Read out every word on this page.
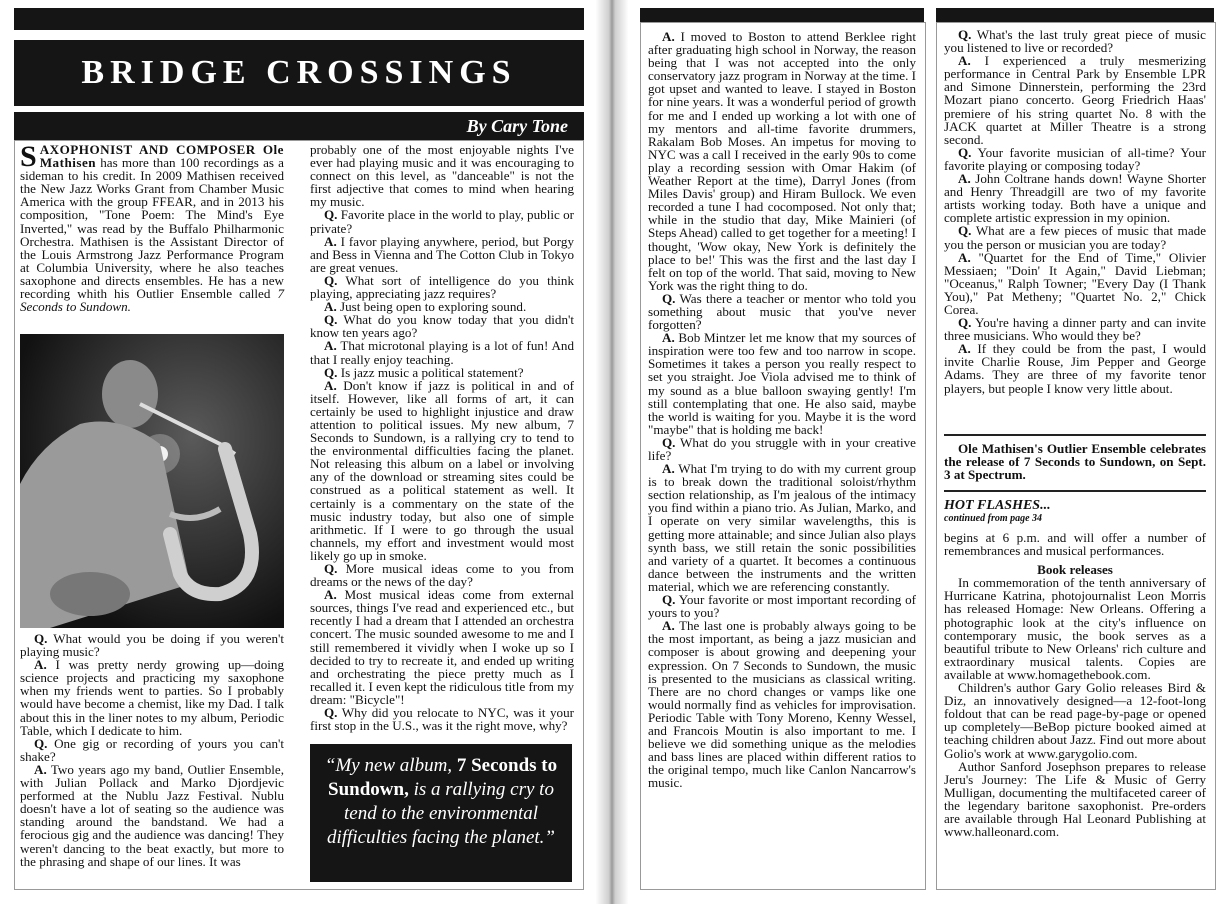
BRIDGE CROSSINGS
By Cary Tone

SAXOPHONIST AND COMPOSER Ole Mathisen has more than 100 recordings as a sideman to his credit. In 2009 Mathisen received the New Jazz Works Grant from Chamber Music America with the group FFEAR, and in 2013 his composition, "Tone Poem: The Mind's Eye Inverted," was read by the Buffalo Philharmonic Orchestra. Mathisen is the Assistant Director of the Louis Armstrong Jazz Performance Program at Columbia University, where he also teaches saxophone and directs ensembles. He has a new recording whith his Outlier Ensemble called 7 Seconds to Sundown.

Q. What would you be doing if you weren't playing music?

A. I was pretty nerdy growing up—doing science projects and practicing my saxophone when my friends went to parties. So I probably would have become a chemist, like my Dad. I talk about this in the liner notes to my album, Periodic Table, which I dedicate to him.

Q. One gig or recording of yours you can't shake?

A. Two years ago my band, Outlier Ensemble, with Julian Pollack and Marko Djordjevic performed at the Nublu Jazz Festival. Nublu doesn't have a lot of seating so the audience was standing around the bandstand. We had a ferocious gig and the audience was dancing! They weren't dancing to the beat exactly, but more to the phrasing and shape of our lines. It was

probably one of the most enjoyable nights I've ever had playing music and it was encouraging to connect on this level, as "danceable" is not the first adjective that comes to mind when hearing my music.

Q. Favorite place in the world to play, public or private?

A. I favor playing anywhere, period, but Porgy and Bess in Vienna and The Cotton Club in Tokyo are great venues.

Q. What sort of intelligence do you think playing, appreciating jazz requires?

A. Just being open to exploring sound.

Q. What do you know today that you didn't know ten years ago?

A. That microtonal playing is a lot of fun! And that I really enjoy teaching.

Q. Is jazz music a political statement?

A. Don't know if jazz is political in and of itself. However, like all forms of art, it can certainly be used to highlight injustice and draw attention to political issues. My new album, 7 Seconds to Sundown, is a rallying cry to tend to the environmental difficulties facing the planet. Not releasing this album on a label or involving any of the download or streaming sites could be construed as a political statement as well. It certainly is a commentary on the state of the music industry today, but also one of simple arithmetic. If I were to go through the usual channels, my effort and investment would most likely go up in smoke.

Q. More musical ideas come to you from dreams or the news of the day?

A. Most musical ideas come from external sources, things I've read and experienced etc., but recently I had a dream that I attended an orchestra concert. The music sounded awesome to me and I still remembered it vividly when I woke up so I decided to try to recreate it, and ended up writing and orchestrating the piece pretty much as I recalled it. I even kept the ridiculous title from my dream: "Bicycle"!

Q. Why did you relocate to NYC, was it your first stop in the U.S., was it the right move, why?

“My new album, 7 Seconds to Sundown, is a rallying cry to tend to the environmental difficulties facing the planet.”

A. I moved to Boston to attend Berklee right after graduating high school in Norway, the reason being that I was not accepted into the only conservatory jazz program in Norway at the time. I got upset and wanted to leave. I stayed in Boston for nine years. It was a wonderful period of growth for me and I ended up working a lot with one of my mentors and all-time favorite drummers, Rakalam Bob Moses. An impetus for moving to NYC was a call I received in the early 90s to come play a recording session with Omar Hakim (of Weather Report at the time), Darryl Jones (from Miles Davis' group) and Hiram Bullock. We even recorded a tune I had cocomposed. Not only that; while in the studio that day, Mike Mainieri (of Steps Ahead) called to get together for a meeting! I thought, 'Wow okay, New York is definitely the place to be!' This was the first and the last day I felt on top of the world. That said, moving to New York was the right thing to do.

Q. Was there a teacher or mentor who told you something about music that you've never forgotten?

A. Bob Mintzer let me know that my sources of inspiration were too few and too narrow in scope. Sometimes it takes a person you really respect to set you straight. Joe Viola advised me to think of my sound as a blue balloon swaying gently! I'm still contemplating that one. He also said, maybe the world is waiting for you. Maybe it is the word "maybe" that is holding me back!

Q. What do you struggle with in your creative life?

A. What I'm trying to do with my current group is to break down the traditional soloist/rhythm section relationship, as I'm jealous of the intimacy you find within a piano trio. As Julian, Marko, and I operate on very similar wavelengths, this is getting more attainable; and since Julian also plays synth bass, we still retain the sonic possibilities and variety of a quartet. It becomes a continuous dance between the instruments and the written material, which we are referencing constantly.

Q. Your favorite or most important recording of yours to you?

A. The last one is probably always going to be the most important, as being a jazz musician and composer is about growing and deepening your expression. On 7 Seconds to Sundown, the music is presented to the musicians as classical writing. There are no chord changes or vamps like one would normally find as vehicles for improvisation. Periodic Table with Tony Moreno, Kenny Wessel, and Francois Moutin is also important to me. I believe we did something unique as the melodies and bass lines are placed within different ratios to the original tempo, much like Canlon Nancarrow's music.

Q. What's the last truly great piece of music you listened to live or recorded?

A. I experienced a truly mesmerizing performance in Central Park by Ensemble LPR and Simone Dinnerstein, performing the 23rd Mozart piano concerto. Georg Friedrich Haas' premiere of his string quartet No. 8 with the JACK quartet at Miller Theatre is a strong second.

Q. Your favorite musician of all-time? Your favorite playing or composing today?

A. John Coltrane hands down! Wayne Shorter and Henry Threadgill are two of my favorite artists working today. Both have a unique and complete artistic expression in my opinion.

Q. What are a few pieces of music that made you the person or musician you are today?

A. "Quartet for the End of Time," Olivier Messiaen; "Doin' It Again," David Liebman; "Oceanus," Ralph Towner; "Every Day (I Thank You)," Pat Metheny; "Quartet No. 2," Chick Corea.

Q. You're having a dinner party and can invite three musicians. Who would they be?

A. If they could be from the past, I would invite Charlie Rouse, Jim Pepper and George Adams. They are three of my favorite tenor players, but people I know very little about.

Ole Mathisen's Outlier Ensemble celebrates the release of 7 Seconds to Sundown, on Sept. 3 at Spectrum.

HOT FLASHES...
continued from page 34

begins at 6 p.m. and will offer a number of remembrances and musical performances.

Book releases

In commemoration of the tenth anniversary of Hurricane Katrina, photojournalist Leon Morris has released Homage: New Orleans. Offering a photographic look at the city's influence on contemporary music, the book serves as a beautiful tribute to New Orleans' rich culture and extraordinary musical talents. Copies are available at www.homagethebook.com.

Children's author Gary Golio releases Bird & Diz, an innovatively designed—a 12-foot-long foldout that can be read page-by-page or opened up completely—BeBop picture booked aimed at teaching children about Jazz. Find out more about Golio's work at www.garygolio.com.

Author Sanford Josephson prepares to release Jeru's Journey: The Life & Music of Gerry Mulligan, documenting the multifaceted career of the legendary baritone saxophonist. Pre-orders are available through Hal Leonard Publishing at www.halleonard.com.
